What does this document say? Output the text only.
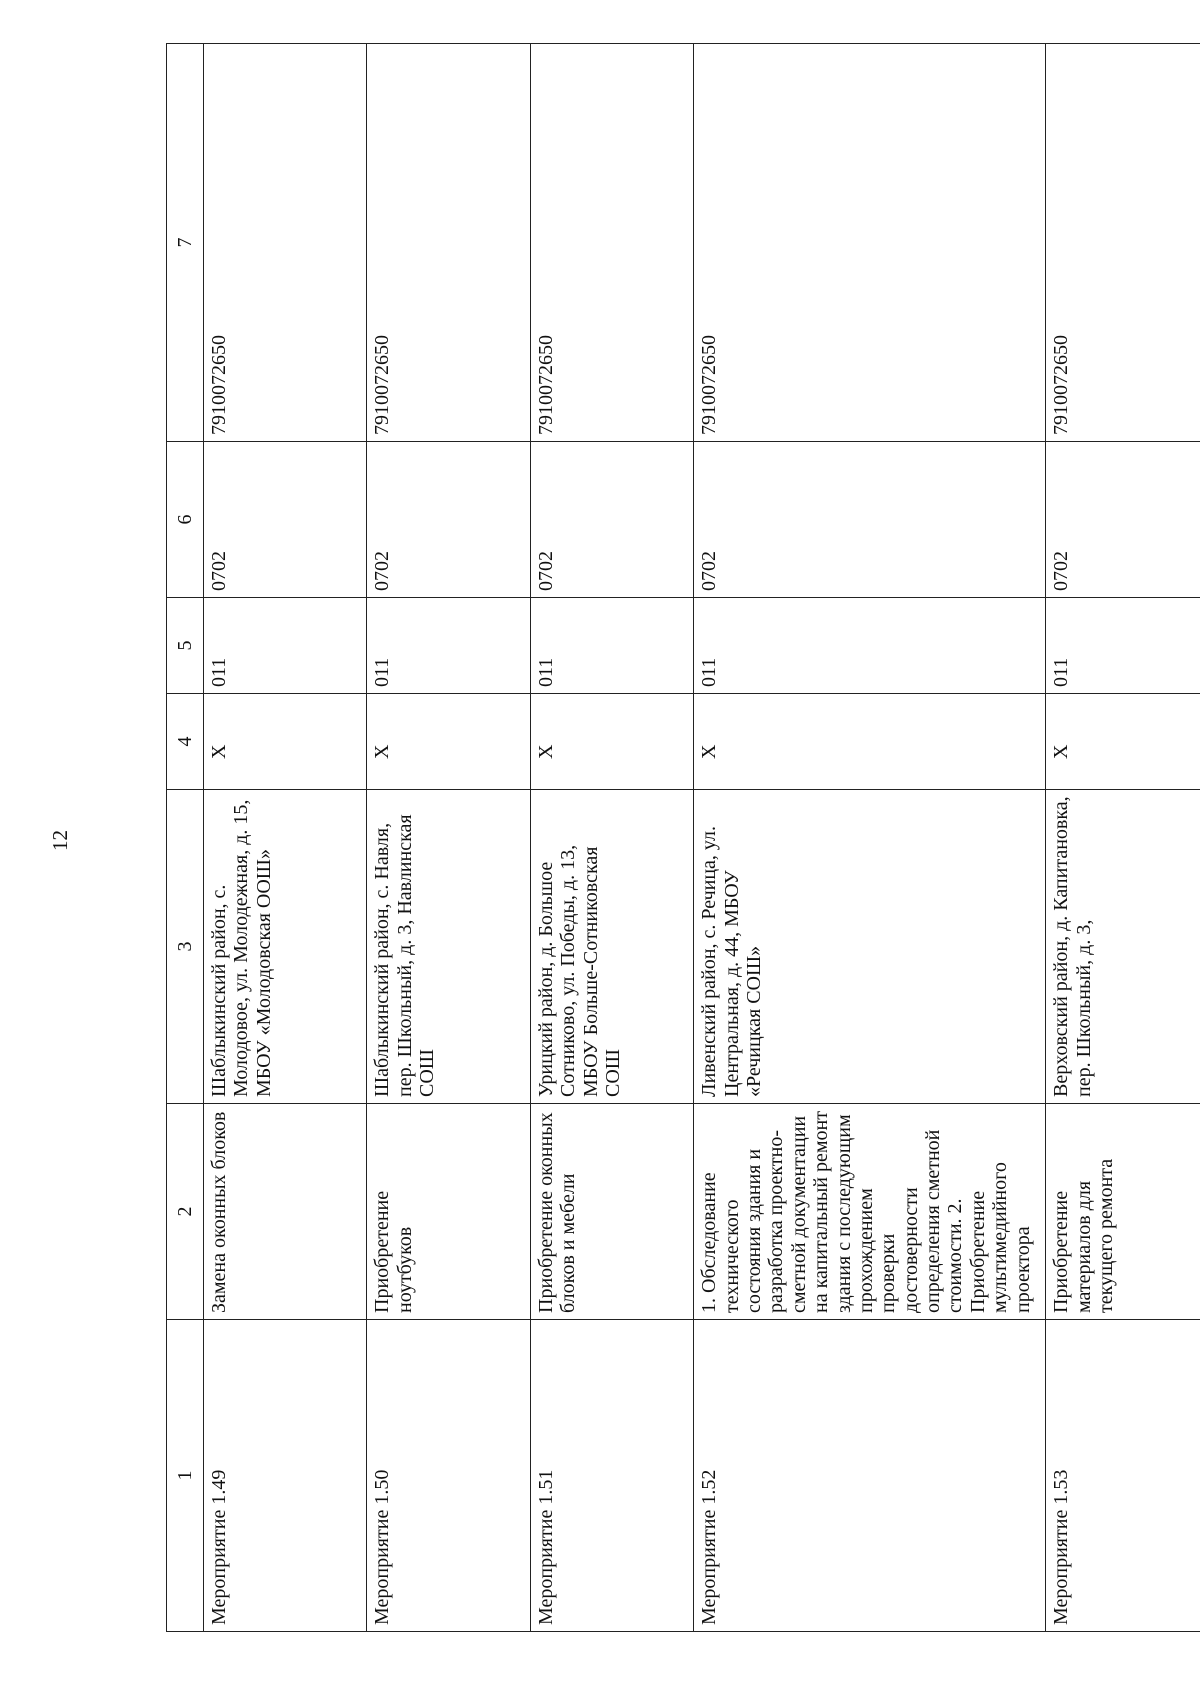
12
1	2	3	4	5	6	7	
Мероприятие 1.49	Замена оконных блоков	Шаблыкинский район, с. Молодовое, ул. Молодежная, д. 15, МБОУ «Молодовская ООШ»	X	011	0702	7910072650	

Мероприятие 1.50	Приобретение ноутбуков	Шаблыкинский район, с. Навля, пер. Школьный, д. 3, Навлинская СОШ	X	011	0702	7910072650	

Мероприятие 1.51	Приобретение оконных блоков и мебели	Урицкий район, д. Большое Сотниково, ул. Победы, д. 13, МБОУ Больше-Сотниковская СОШ	X	011	0702	7910072650	

Мероприятие 1.52	1. Обследование технического состояния здания и разработка проектно-сметной документации на капитальный ремонт здания с последующим прохождением проверки достоверности определения сметной стоимости. 2. Приобретение мультимедийного проектора	Ливенский район, с. Речица, ул. Центральная, д. 44, МБОУ «Речицкая СОШ»	X	011	0702	7910072650	

Мероприятие 1.53	Приобретение материалов для текущего ремонта	Верховский район, д. Капитановка, пер. Школьный, д. 3,	X	011	0702	7910072650	
